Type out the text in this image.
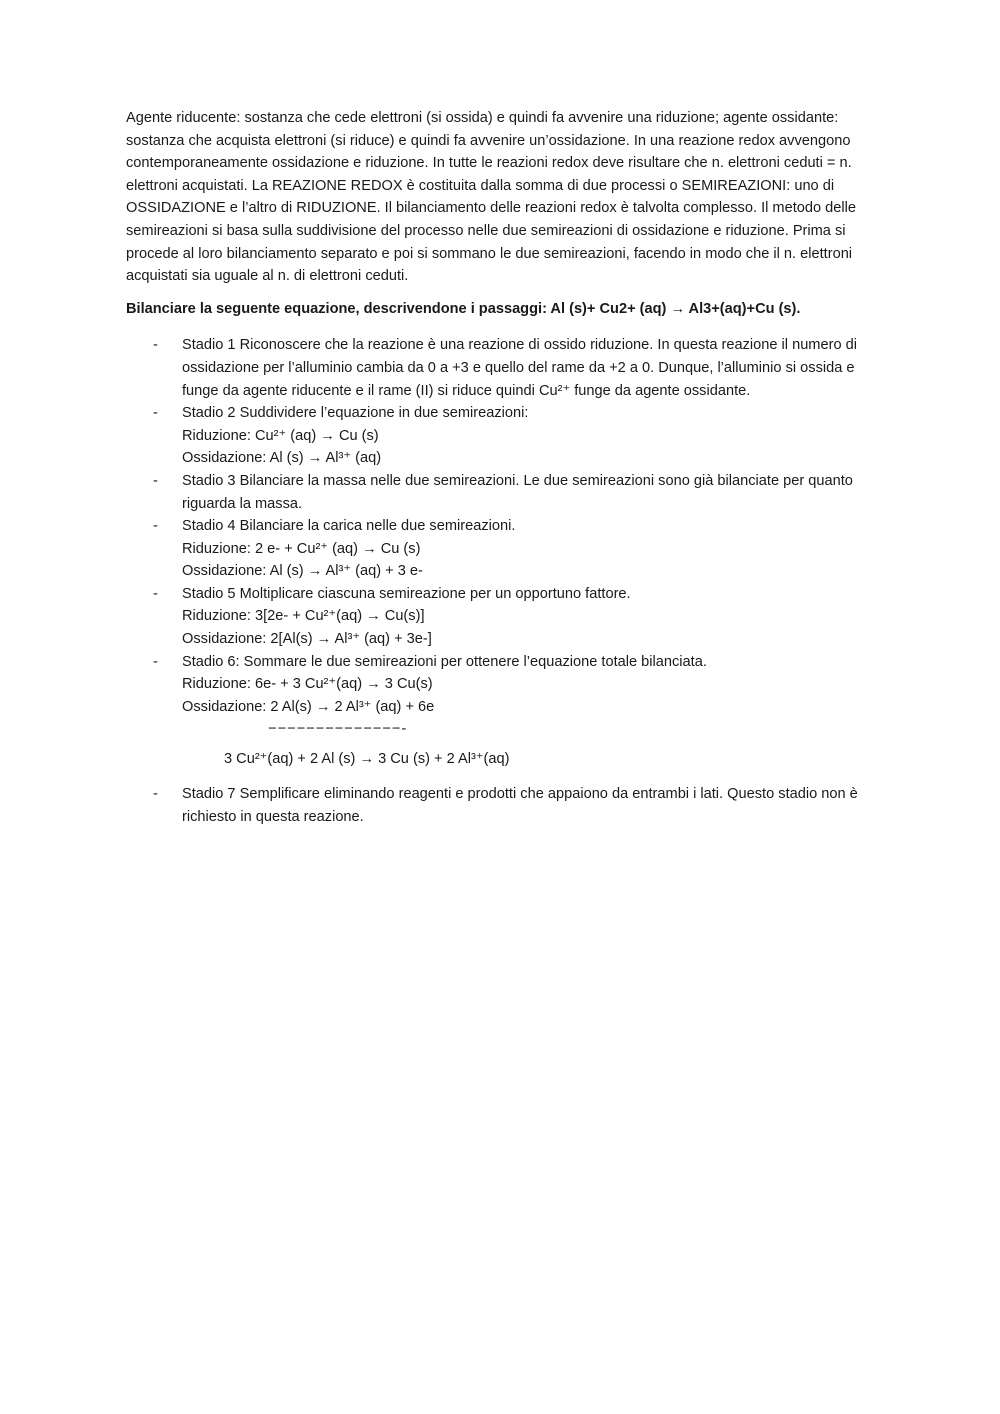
Agente riducente: sostanza che cede elettroni (si ossida) e quindi fa avvenire una riduzione; agente ossidante: sostanza che acquista elettroni (si riduce) e quindi fa avvenire un’ossidazione. In una reazione redox avvengono contemporaneamente ossidazione e riduzione. In tutte le reazioni redox deve risultare che n. elettroni ceduti = n. elettroni acquistati. La REAZIONE REDOX è costituita dalla somma di due processi o SEMIREAZIONI: uno di OSSIDAZIONE e l’altro di RIDUZIONE. Il bilanciamento delle reazioni redox è talvolta complesso. Il metodo delle semireazioni si basa sulla suddivisione del processo nelle due semireazioni di ossidazione e riduzione. Prima si procede al loro bilanciamento separato e poi si sommano le due semireazioni, facendo in modo che il n. elettroni acquistati sia uguale al n. di elettroni ceduti.

Bilanciare la seguente equazione, descrivendone i passaggi: Al (s)+ Cu2+ (aq) → Al3+(aq)+Cu (s).

- Stadio 1 Riconoscere che la reazione è una reazione di ossido riduzione. In questa reazione il numero di ossidazione per l’alluminio cambia da 0 a +3 e quello del rame da +2 a 0. Dunque, l’alluminio si ossida e funge da agente riducente e il rame (II) si riduce quindi Cu²⁺ funge da agente ossidante.
- Stadio 2 Suddividere l’equazione in due semireazioni:
Riduzione: Cu²⁺ (aq) → Cu (s)
Ossidazione: Al (s) → Al³⁺ (aq)
- Stadio 3 Bilanciare la massa nelle due semireazioni. Le due semireazioni sono già bilanciate per quanto riguarda la massa.
- Stadio 4 Bilanciare la carica nelle due semireazioni.
Riduzione: 2 e- + Cu²⁺ (aq) → Cu (s)
Ossidazione: Al (s) → Al³⁺ (aq) + 3 e-
- Stadio 5 Moltiplicare ciascuna semireazione per un opportuno fattore.
Riduzione: 3[2e- + Cu²⁺(aq) → Cu(s)]
Ossidazione: 2[Al(s) → Al³⁺ (aq) + 3e-]
- Stadio 6: Sommare le due semireazioni per ottenere l’equazione totale bilanciata.
Riduzione: 6e- + 3 Cu²⁺(aq) → 3 Cu(s)
Ossidazione: 2 Al(s) → 2 Al³⁺ (aq) + 6e
−−−−−−−−−−−−−−-
3 Cu²⁺(aq) + 2 Al (s) → 3 Cu (s) + 2 Al³⁺(aq)
- Stadio 7 Semplificare eliminando reagenti e prodotti che appaiono da entrambi i lati. Questo stadio non è richiesto in questa reazione.
